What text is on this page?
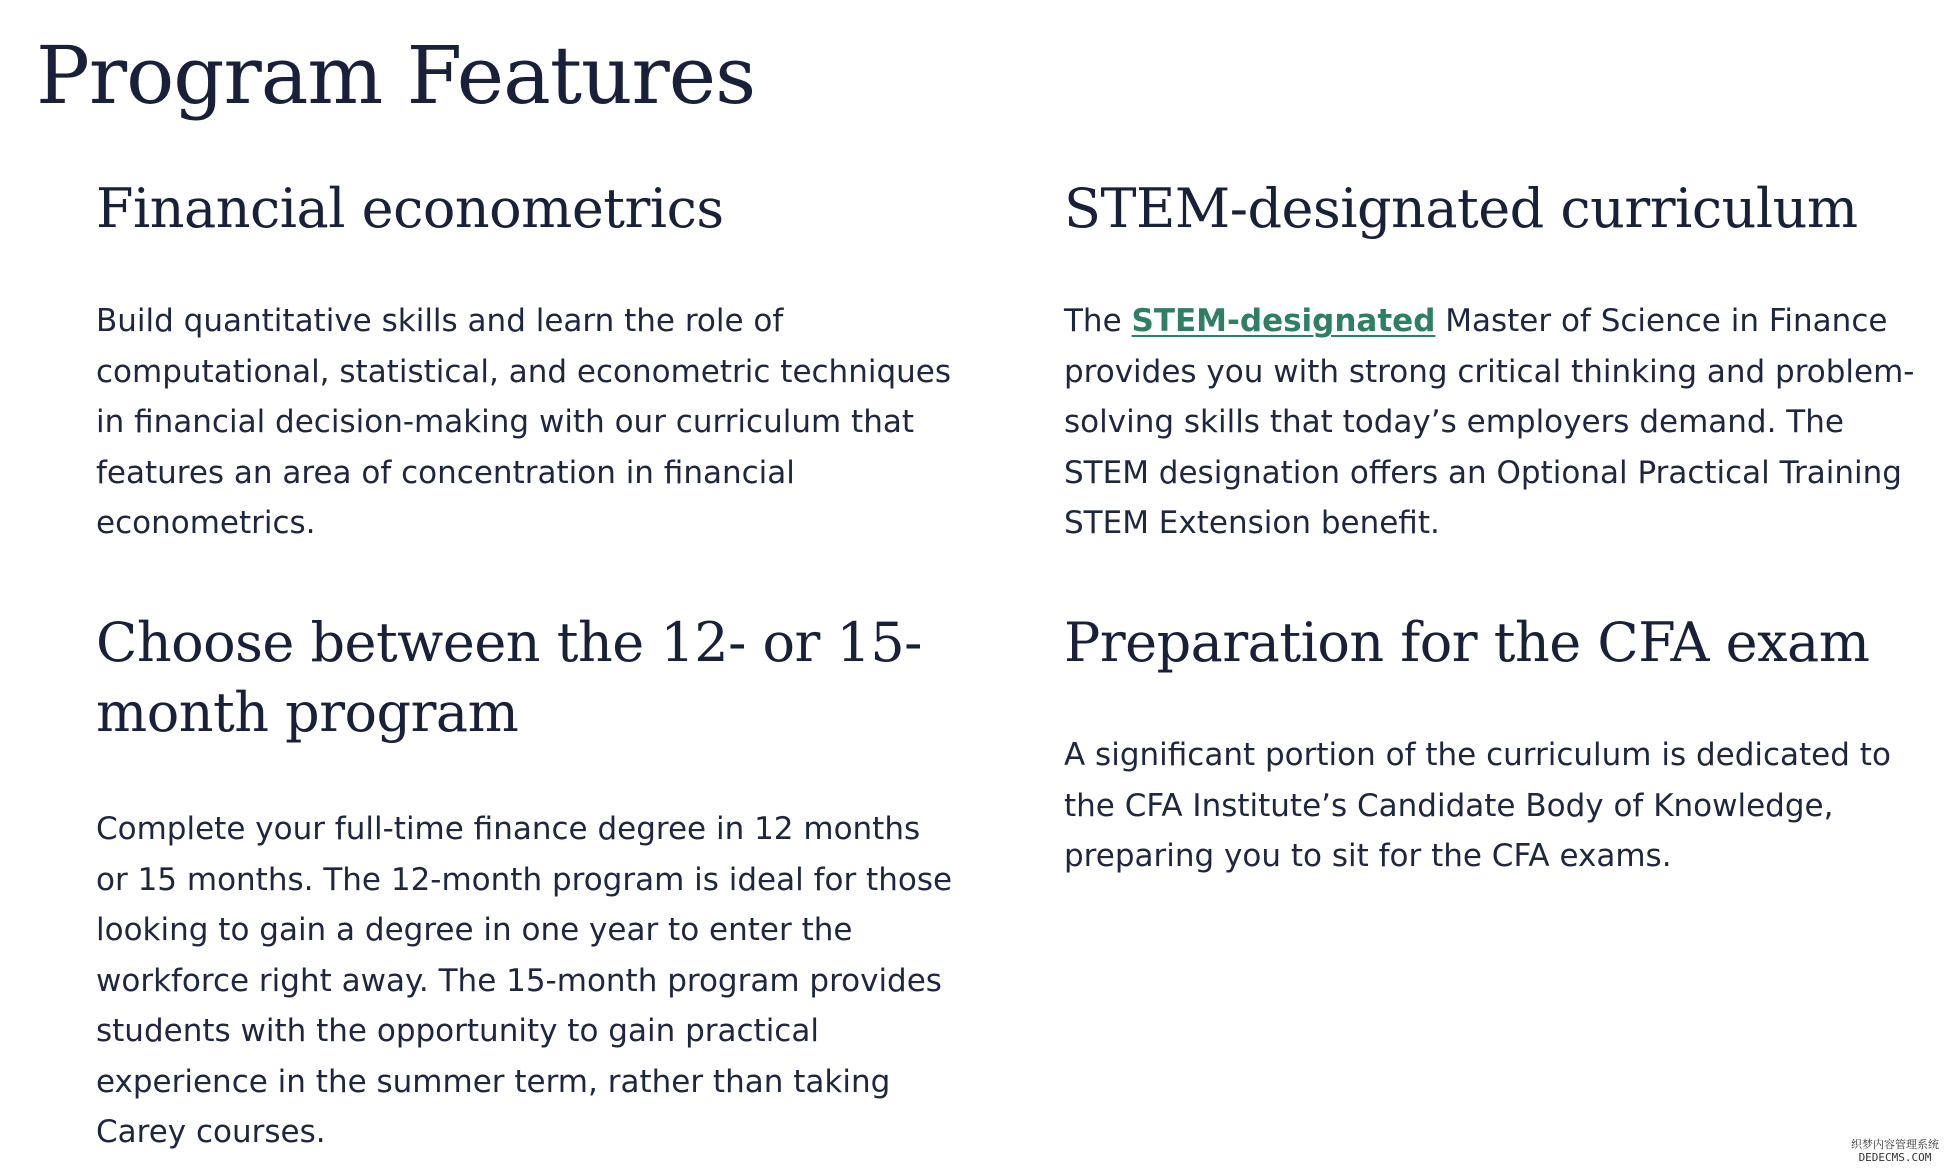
Program Features
Financial econometrics

Build quantitative skills and learn the role of computational, statistical, and econometric techniques in financial decision-making with our curriculum that features an area of concentration in financial econometrics.

STEM-designated curriculum

The STEM-designated Master of Science in Finance provides you with strong critical thinking and problem-solving skills that today’s employers demand. The STEM designation offers an Optional Practical Training STEM Extension benefit.

Choose between the 12- or 15-month program

Complete your full-time finance degree in 12 months or 15 months. The 12-month program is ideal for those looking to gain a degree in one year to enter the workforce right away. The 15-month program provides students with the opportunity to gain practical experience in the summer term, rather than taking Carey courses.

Preparation for the CFA exam

A significant portion of the curriculum is dedicated to the CFA Institute’s Candidate Body of Knowledge, preparing you to sit for the CFA exams.

织梦内容管理系统
DEDECMS.COM
